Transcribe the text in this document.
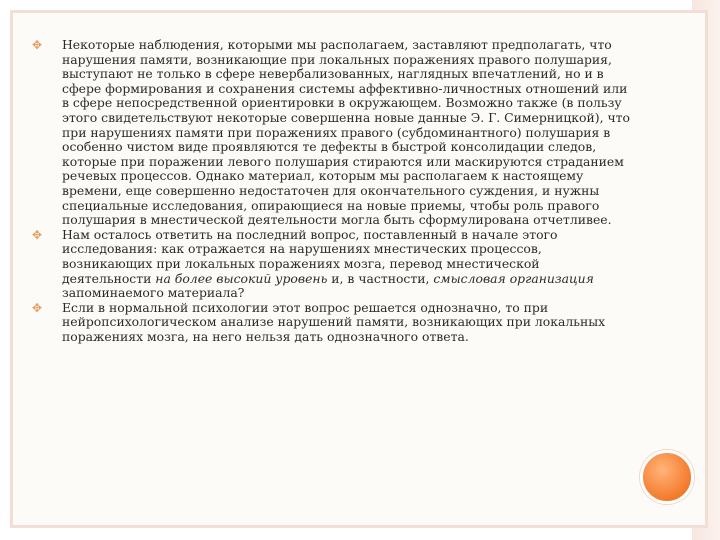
✥	Некоторые наблюдения, которыми мы располагаем, заставляют предполагать, что нарушения памяти, возникающие при локальных поражениях правого полушария, выступают не только в сфере невербализованных, наглядных впечатлений, но и в сфере формирования и сохранения системы аффективно-личностных отношений или в сфере непосредственной ориентировки в окружающем. Возможно также (в пользу этого свидетельствуют некоторые совершенна новые данные Э. Г. Симерницкой), что при нарушениях памяти при поражениях правого (субдоминантного) полушария в особенно чистом виде проявляются те дефекты в быстрой консолидации следов, которые при поражении левого полушария стираются или маскируются страданием речевых процессов. Однако материал, которым мы располагаем к настоящему времени, еще совершенно недостаточен для окончательного суждения, и нужны специальные исследования, опирающиеся на новые приемы, чтобы роль правого полушария в мнестической деятельности могла быть сформулирована отчетливее.
✥	Нам осталось ответить на последний вопрос, поставленный в начале этого исследования: как отражается на нарушениях мнестических процессов, возникающих при локальных поражениях мозга, перевод мнестической деятельности на более высокий уровень и, в частности, смысловая организация запоминаемого материала?
✥	Если в нормальной психологии этот вопрос решается однозначно, то при нейропсихологическом анализе нарушений памяти, возникающих при локальных поражениях мозга, на него нельзя дать однозначного ответа.
